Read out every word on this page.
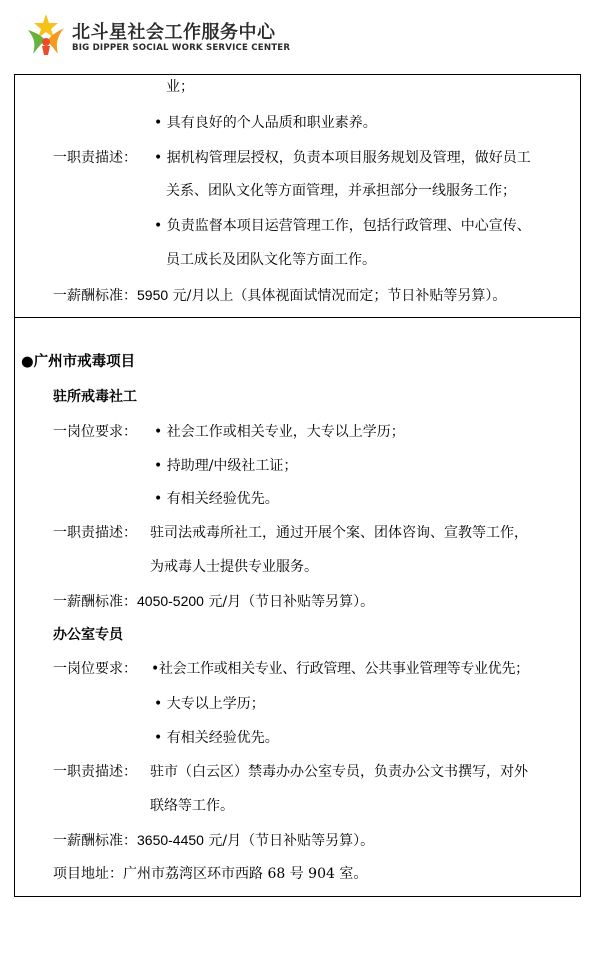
北斗星社会工作服务中心
BIG DIPPER SOCIAL WORK SERVICE CENTER
业；
• 具有良好的个人品质和职业素养。
一职责描述： • 据机构管理层授权，负责本项目服务规划及管理，做好员工
关系、团队文化等方面管理，并承担部分一线服务工作；
• 负责监督本项目运营管理工作，包括行政管理、中心宣传、
员工成长及团队文化等方面工作。
一薪酬标准：5950 元/月以上（具体视面试情况而定；节日补贴等另算）。
●广州市戒毒项目
驻所戒毒社工
一岗位要求： • 社会工作或相关专业，大专以上学历；
• 持助理/中级社工证；
• 有相关经验优先。
一职责描述： 驻司法戒毒所社工，通过开展个案、团体咨询、宣教等工作，
为戒毒人士提供专业服务。
一薪酬标准：4050-5200 元/月（节日补贴等另算）。
办公室专员
一岗位要求： •社会工作或相关专业、行政管理、公共事业管理等专业优先；
• 大专以上学历；
• 有相关经验优先。
一职责描述： 驻市（白云区）禁毒办办公室专员，负责办公文书撰写，对外
联络等工作。
一薪酬标准：3650-4450 元/月（节日补贴等另算）。
项目地址：广州市荔湾区环市西路 68 号 904 室。
